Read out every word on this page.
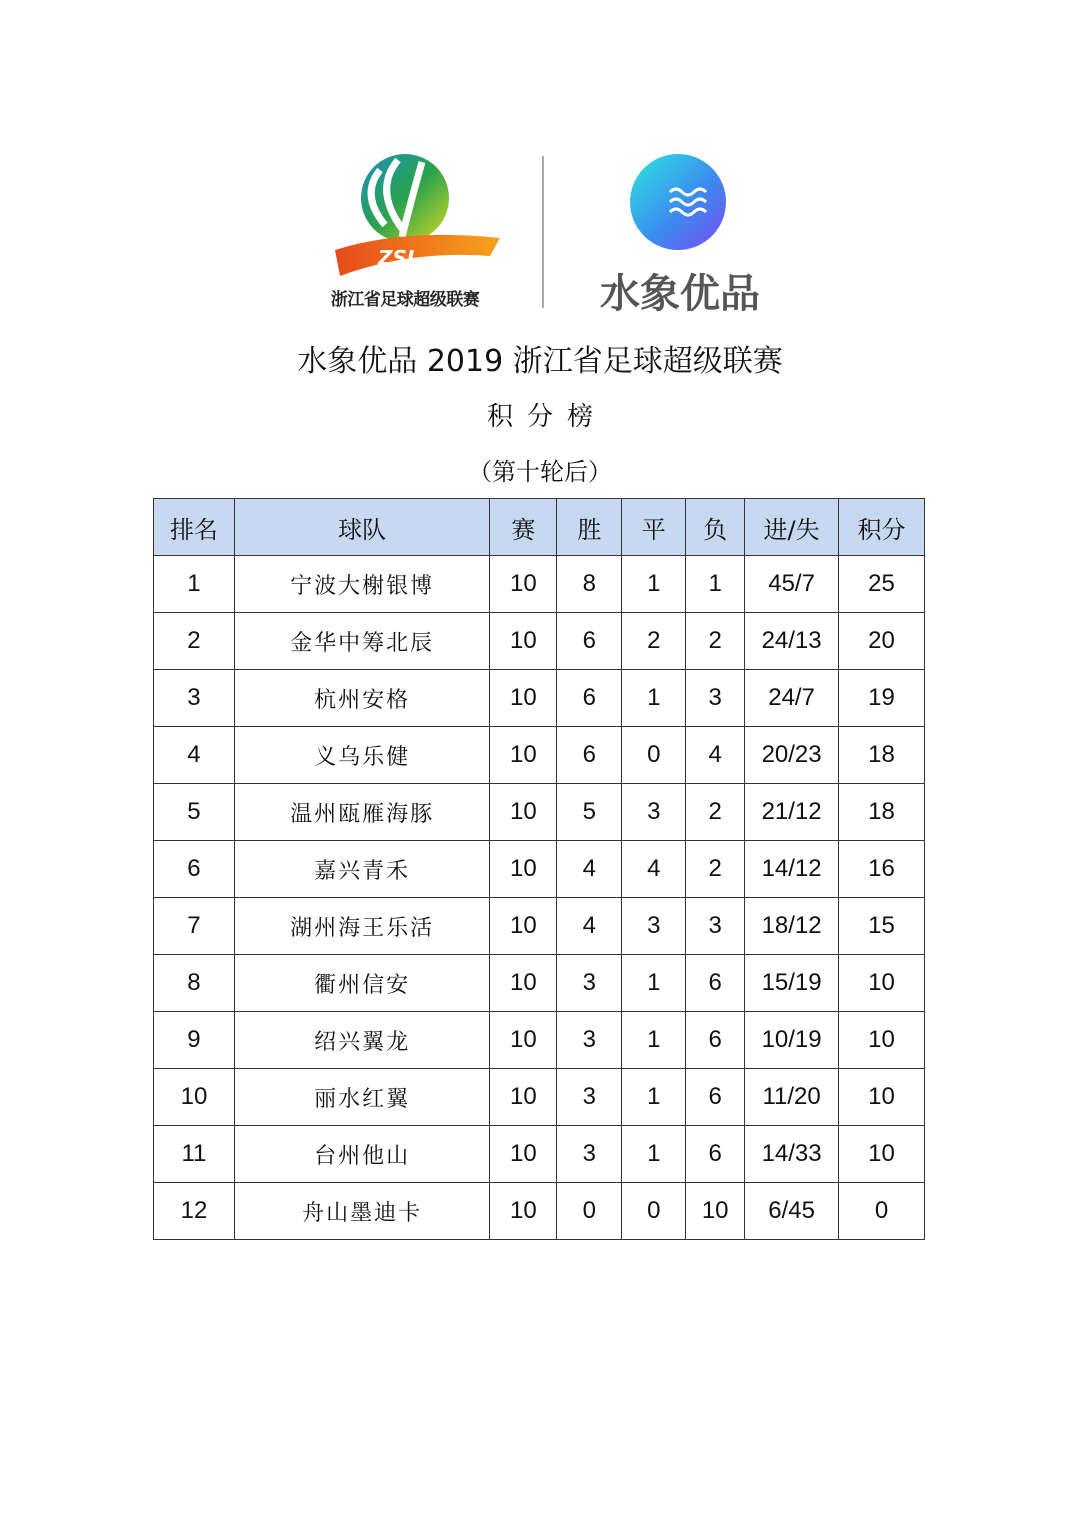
ZSL
浙江省足球超级联赛	水象优品
水象优品 2019 浙江省足球超级联赛
积分榜
（第十轮后）
排名	球队	赛	胜	平	负	进/失	积分
1	宁波大榭银博	10	8	1	1	45/7	25
2	金华中筹北辰	10	6	2	2	24/13	20
3	杭州安格	10	6	1	3	24/7	19
4	义乌乐健	10	6	0	4	20/23	18
5	温州瓯雁海豚	10	5	3	2	21/12	18
6	嘉兴青禾	10	4	4	2	14/12	16
7	湖州海王乐活	10	4	3	3	18/12	15
8	衢州信安	10	3	1	6	15/19	10
9	绍兴翼龙	10	3	1	6	10/19	10
10	丽水红翼	10	3	1	6	11/20	10
11	台州他山	10	3	1	6	14/33	10
12	舟山墨迪卡	10	0	0	10	6/45	0
